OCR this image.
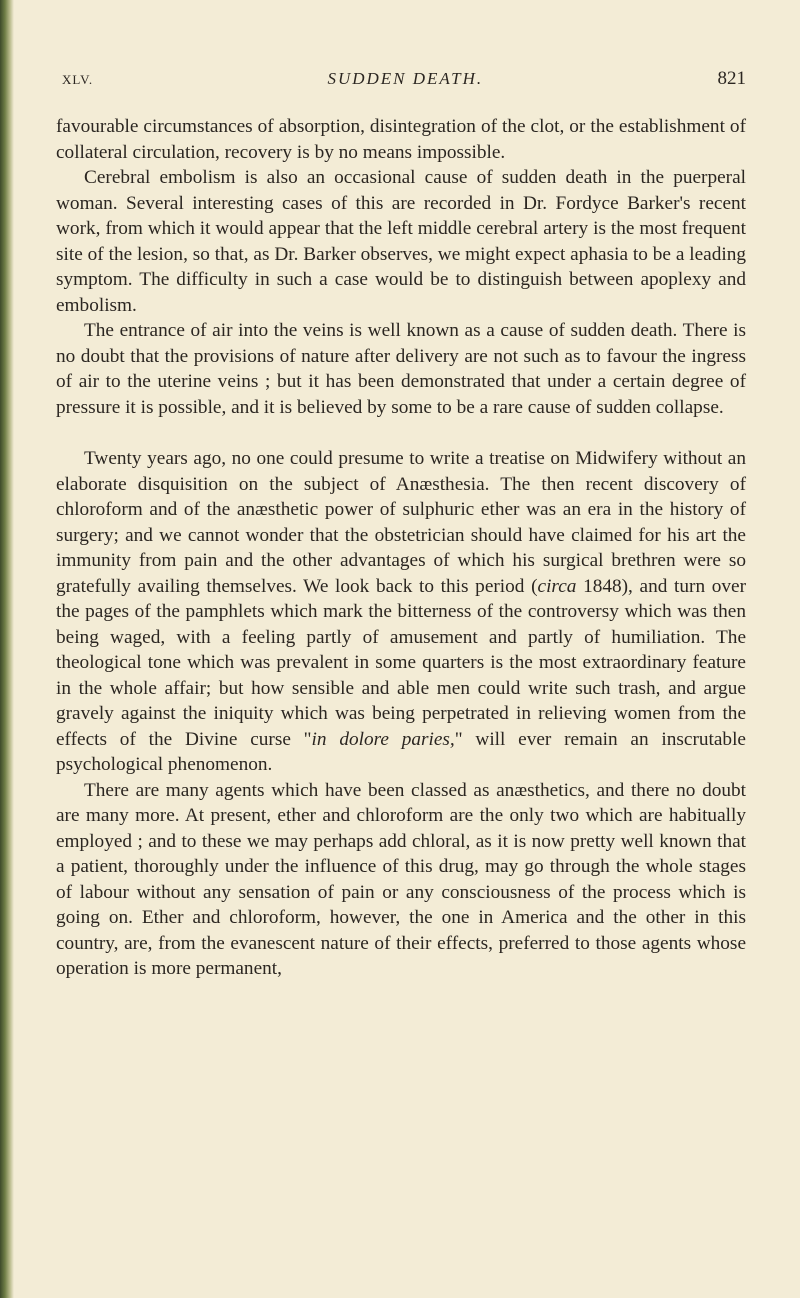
XLV.	SUDDEN DEATH.	821

favourable circumstances of absorption, disintegration of the clot, or the establishment of collateral circulation, recovery is by no means impossible.

Cerebral embolism is also an occasional cause of sudden death in the puerperal woman. Several interesting cases of this are recorded in Dr. Fordyce Barker's recent work, from which it would appear that the left middle cerebral artery is the most frequent site of the lesion, so that, as Dr. Barker observes, we might expect aphasia to be a leading symptom. The difficulty in such a case would be to distinguish between apoplexy and embolism.

The entrance of air into the veins is well known as a cause of sudden death. There is no doubt that the provisions of nature after delivery are not such as to favour the ingress of air to the uterine veins ; but it has been demonstrated that under a certain degree of pressure it is possible, and it is believed by some to be a rare cause of sudden collapse.

Twenty years ago, no one could presume to write a treatise on Midwifery without an elaborate disquisition on the subject of Anæsthesia. The then recent discovery of chloroform and of the anæsthetic power of sulphuric ether was an era in the history of surgery; and we cannot wonder that the obstetrician should have claimed for his art the immunity from pain and the other advantages of which his surgical brethren were so gratefully availing themselves. We look back to this period (circa 1848), and turn over the pages of the pamphlets which mark the bitterness of the controversy which was then being waged, with a feeling partly of amusement and partly of humiliation. The theological tone which was prevalent in some quarters is the most extraordinary feature in the whole affair; but how sensible and able men could write such trash, and argue gravely against the iniquity which was being perpetrated in relieving women from the effects of the Divine curse "in dolore paries," will ever remain an inscrutable psychological phenomenon.

There are many agents which have been classed as anæsthetics, and there no doubt are many more. At present, ether and chloroform are the only two which are habitually employed ; and to these we may perhaps add chloral, as it is now pretty well known that a patient, thoroughly under the influence of this drug, may go through the whole stages of labour without any sensation of pain or any consciousness of the process which is going on. Ether and chloroform, however, the one in America and the other in this country, are, from the evanescent nature of their effects, preferred to those agents whose operation is more permanent,
